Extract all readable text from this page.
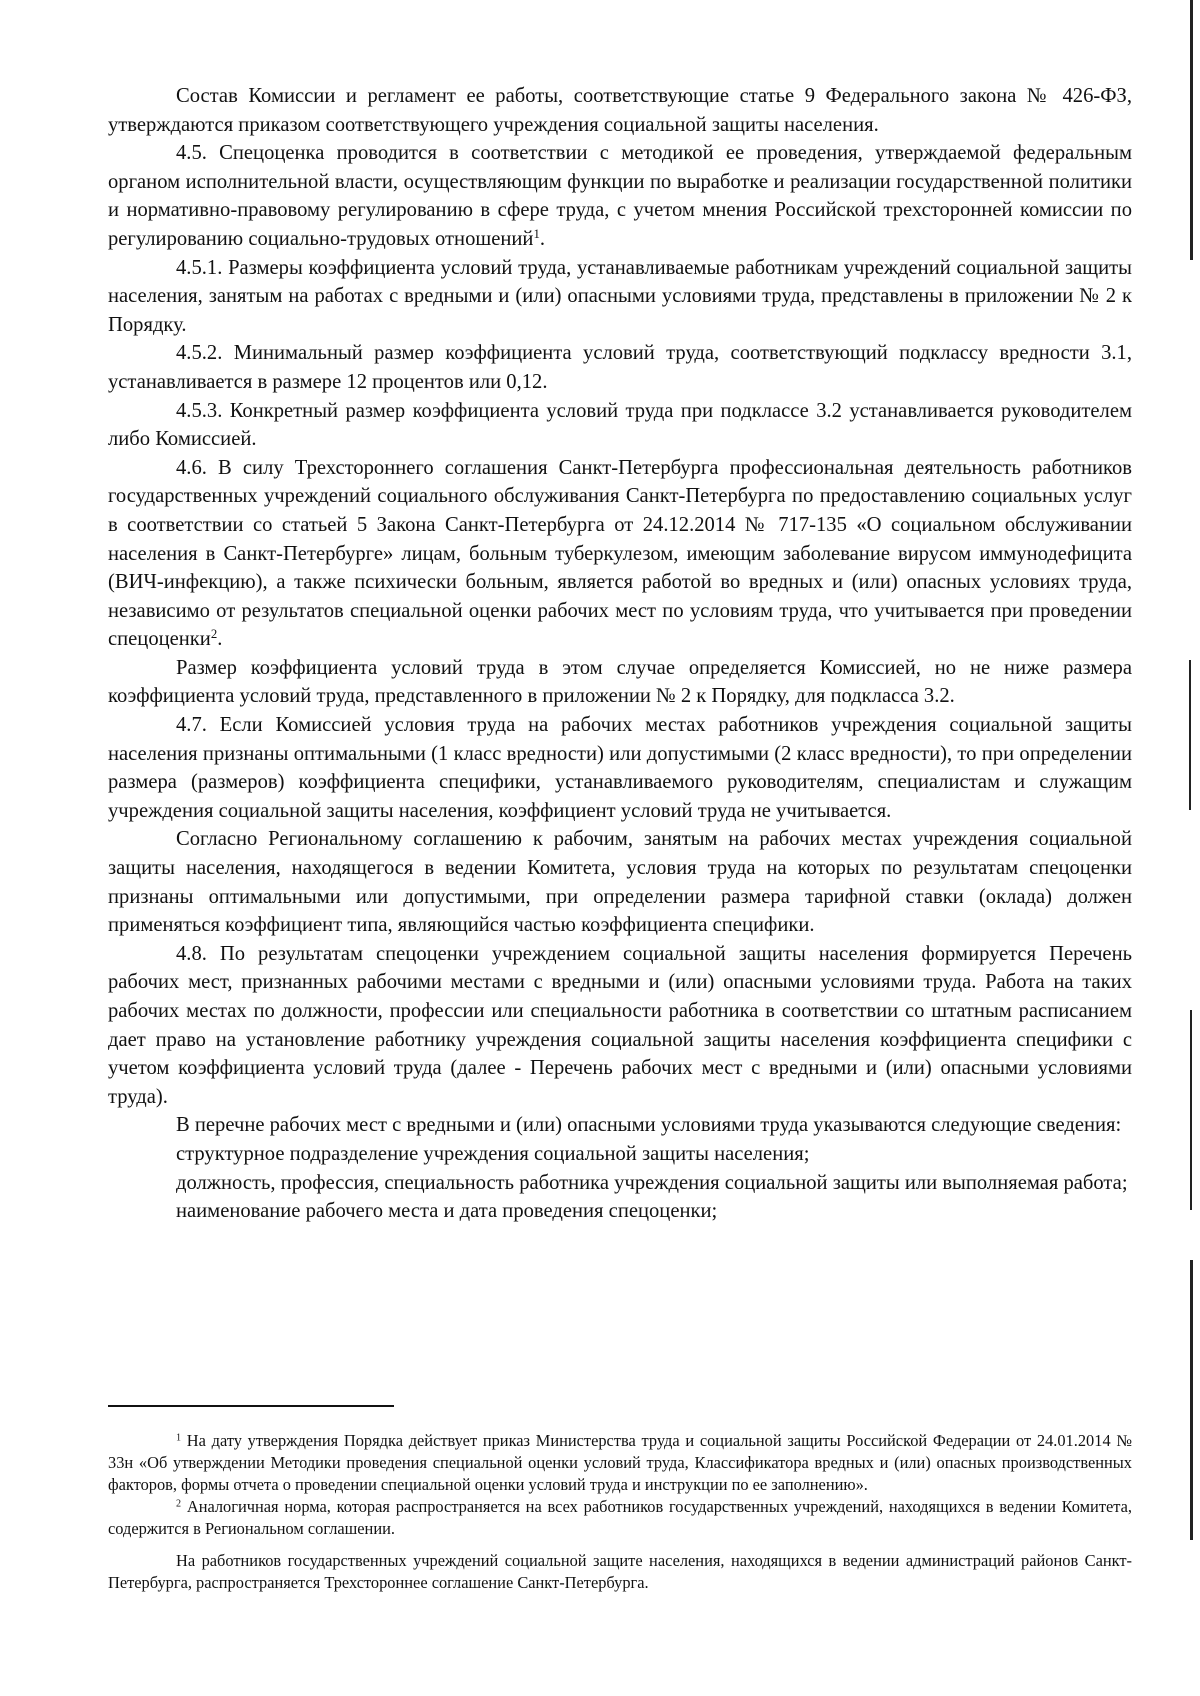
Состав Комиссии и регламент ее работы, соответствующие статье 9 Федерального закона № 426-ФЗ, утверждаются приказом соответствующего учреждения социальной защиты населения.

4.5. Спецоценка проводится в соответствии с методикой ее проведения, утверждаемой федеральным органом исполнительной власти, осуществляющим функции по выработке и реализации государственной политики и нормативно-правовому регулированию в сфере труда, с учетом мнения Российской трехсторонней комиссии по регулированию социально-трудовых отношений$^1$.

4.5.1. Размеры коэффициента условий труда, устанавливаемые работникам учреждений социальной защиты населения, занятым на работах с вредными и (или) опасными условиями труда, представлены в приложении № 2 к Порядку.

4.5.2. Минимальный размер коэффициента условий труда, соответствующий подклассу вредности 3.1, устанавливается в размере 12 процентов или 0,12.

4.5.3. Конкретный размер коэффициента условий труда при подклассе 3.2 устанавливается руководителем либо Комиссией.

4.6. В силу Трехстороннего соглашения Санкт-Петербурга профессиональная деятельность работников государственных учреждений социального обслуживания Санкт-Петербурга по предоставлению социальных услуг в соответствии со статьей 5 Закона Санкт-Петербурга от 24.12.2014 № 717-135 «О социальном обслуживании населения в Санкт-Петербурге» лицам, больным туберкулезом, имеющим заболевание вирусом иммунодефицита (ВИЧ-инфекцию), а также психически больным, является работой во вредных и (или) опасных условиях труда, независимо от результатов специальной оценки рабочих мест по условиям труда, что учитывается при проведении спецоценки$^2$.

Размер коэффициента условий труда в этом случае определяется Комиссией, но не ниже размера коэффициента условий труда, представленного в приложении № 2 к Порядку, для подкласса 3.2.

4.7. Если Комиссией условия труда на рабочих местах работников учреждения социальной защиты населения признаны оптимальными (1 класс вредности) или допустимыми (2 класс вредности), то при определении размера (размеров) коэффициента специфики, устанавливаемого руководителям, специалистам и служащим учреждения социальной защиты населения, коэффициент условий труда не учитывается.

Согласно Региональному соглашению к рабочим, занятым на рабочих местах учреждения социальной защиты населения, находящегося в ведении Комитета, условия труда на которых по результатам спецоценки признаны оптимальными или допустимыми, при определении размера тарифной ставки (оклада) должен применяться коэффициент типа, являющийся частью коэффициента специфики.

4.8. По результатам спецоценки учреждением социальной защиты населения формируется Перечень рабочих мест, признанных рабочими местами с вредными и (или) опасными условиями труда. Работа на таких рабочих местах по должности, профессии или специальности работника в соответствии со штатным расписанием дает право на установление работнику учреждения социальной защиты населения коэффициента специфики с учетом коэффициента условий труда (далее - Перечень рабочих мест с вредными и (или) опасными условиями труда).

В перечне рабочих мест с вредными и (или) опасными условиями труда указываются следующие сведения:

структурное подразделение учреждения социальной защиты населения;

должность, профессия, специальность работника учреждения социальной защиты или выполняемая работа;

наименование рабочего места и дата проведения спецоценки;

$^1$ На дату утверждения Порядка действует приказ Министерства труда и социальной защиты Российской Федерации от 24.01.2014 № 33н «Об утверждении Методики проведения специальной оценки условий труда, Классификатора вредных и (или) опасных производственных факторов, формы отчета о проведении специальной оценки условий труда и инструкции по ее заполнению».

$^2$ Аналогичная норма, которая распространяется на всех работников государственных учреждений, находящихся в ведении Комитета, содержится в Региональном соглашении.

На работников государственных учреждений социальной защите населения, находящихся в ведении администраций районов Санкт-Петербурга, распространяется Трехстороннее соглашение Санкт-Петербурга.
